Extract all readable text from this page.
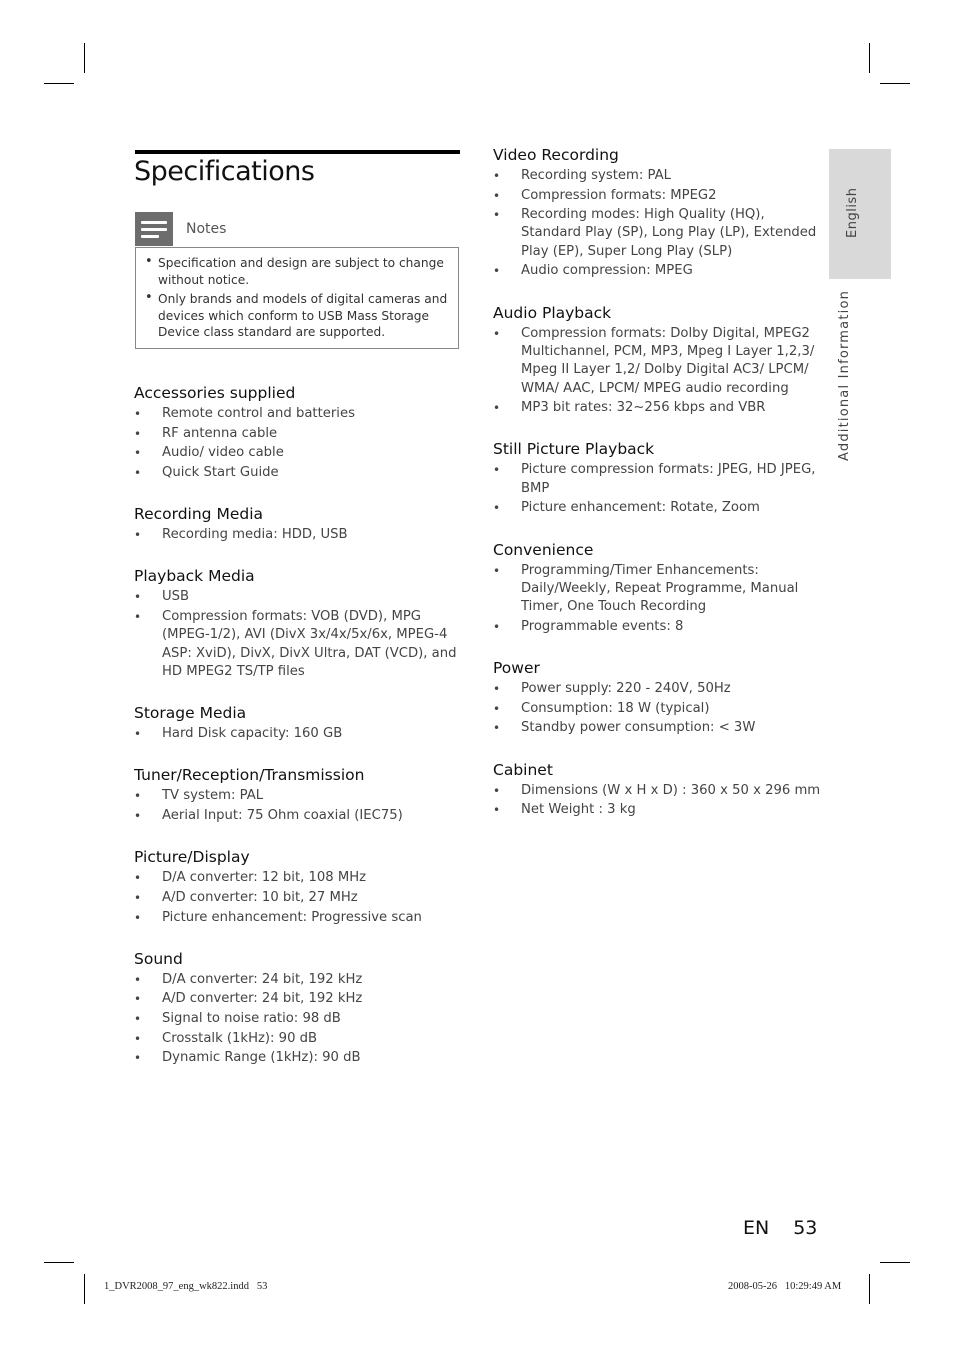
Specifications
Notes
• Specification and design are subject to change without notice.
• Only brands and models of digital cameras and devices which conform to USB Mass Storage Device class standard are supported.
Accessories supplied
• Remote control and batteries
• RF antenna cable
• Audio/ video cable
• Quick Start Guide
Recording Media
• Recording media: HDD, USB
Playback Media
• USB
• Compression formats: VOB (DVD), MPG (MPEG-1/2), AVI (DivX 3x/4x/5x/6x, MPEG-4 ASP: XviD), DivX, DivX Ultra, DAT (VCD), and HD MPEG2 TS/TP files
Storage Media
• Hard Disk capacity: 160 GB
Tuner/Reception/Transmission
• TV system: PAL
• Aerial Input: 75 Ohm coaxial (IEC75)
Picture/Display
• D/A converter: 12 bit, 108 MHz
• A/D converter: 10 bit, 27 MHz
• Picture enhancement: Progressive scan
Sound
• D/A converter: 24 bit, 192 kHz
• A/D converter: 24 bit, 192 kHz
• Signal to noise ratio: 98 dB
• Crosstalk (1kHz): 90 dB
• Dynamic Range (1kHz): 90 dB
Video Recording
• Recording system: PAL
• Compression formats: MPEG2
• Recording modes: High Quality (HQ), Standard Play (SP), Long Play (LP), Extended Play (EP), Super Long Play (SLP)
• Audio compression: MPEG
Audio Playback
• Compression formats: Dolby Digital, MPEG2 Multichannel, PCM, MP3, Mpeg I Layer 1,2,3/ Mpeg II Layer 1,2/ Dolby Digital AC3/ LPCM/ WMA/ AAC, LPCM/ MPEG audio recording
• MP3 bit rates: 32~256 kbps and VBR
Still Picture Playback
• Picture compression formats: JPEG, HD JPEG, BMP
• Picture enhancement: Rotate, Zoom
Convenience
• Programming/Timer Enhancements: Daily/Weekly, Repeat Programme, Manual Timer, One Touch Recording
• Programmable events: 8
Power
• Power supply: 220 - 240V, 50Hz
• Consumption: 18 W (typical)
• Standby power consumption: < 3W
Cabinet
• Dimensions (W x H x D) : 360 x 50 x 296 mm
• Net Weight : 3 kg
English
Additional Information
EN 53
1_DVR2008_97_eng_wk822.indd   53	2008-05-26   10:29:49 AM
